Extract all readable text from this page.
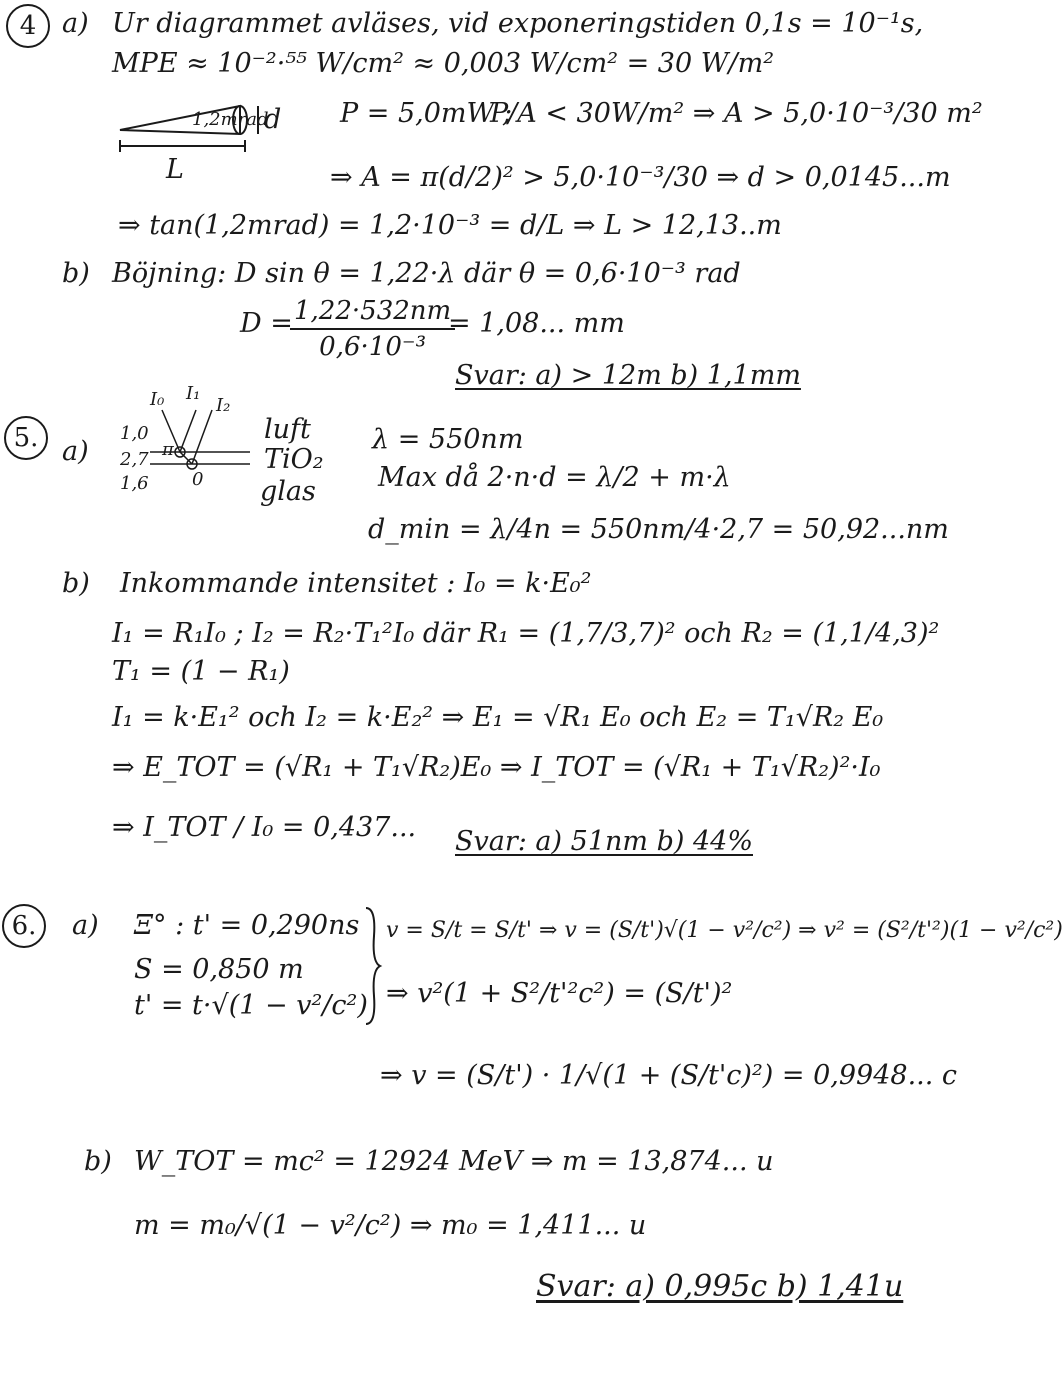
4 a) Ur diagrammet avläses, vid exponeringstiden 0,1s = 10⁻¹s,
MPE ≈ 10⁻²·⁵⁵ W/cm² ≈ 0,003 W/cm² = 30 W/m²
1,2mrad
d
L
P = 5,0mW ;
P/A < 30W/m² ⇒ A > 5,0·10⁻³/30 m²
⇒ A = π(d/2)² > 5,0·10⁻³/30 ⇒ d > 0,0145...m
⇒ tan(1,2mrad) = 1,2·10⁻³ = d/L ⇒ L > 12,13..m
b) Böjning: D sin θ = 1,22·λ där θ = 0,6·10⁻³ rad
D =
$\frac{1,22\cdot 532nm}{\text{0,6·10⁻³}}$
= 1,08... mm
Svar: a) > 12m b) 1,1mm
5. a)
I₀ I₁
I₂
1,0
2,7
1,6
π
0
luft
TiO₂
glas
λ = 550nm
Max då 2·n·d = λ/2 + m·λ
d_min = λ/4n = 550nm/4·2,7 = 50,92...nm
b) Inkommande intensitet : I₀ = k·E₀²
I₁ = R₁I₀ ; I₂ = R₂·T₁²I₀ där R₁ = (1,7/3,7)² och R₂ = (1,1/4,3)²
T₁ = (1 − R₁)
I₁ = k·E₁² och I₂ = k·E₂² ⇒ E₁ = √R₁ E₀ och E₂ = T₁√R₂ E₀
⇒ E_TOT = (√R₁ + T₁√R₂)E₀ ⇒ I_TOT = (√R₁ + T₁√R₂)²·I₀
⇒ I_TOT / I₀ = 0,437... Svar: a) 51nm b) 44%
6. a) Ξ° : t' = 0,290ns
S = 0,850 m
t' = t·√(1 − v²/c²)
v = S/t = S/t' ⇒ v = (S/t')√(1 − v²/c²) ⇒ v² = (S²/t'²)(1 − v²/c²)
⇒ v²(1 + S²/t'²c²) = (S/t')²
⇒ v = (S/t') · 1/√(1 + (S/t'c)²) = 0,9948... c
b) W_TOT = mc² = 12924 MeV ⇒ m = 13,874... u
m = m₀/√(1 − v²/c²) ⇒ m₀ = 1,411... u
Svar: a) 0,995c b) 1,41u
